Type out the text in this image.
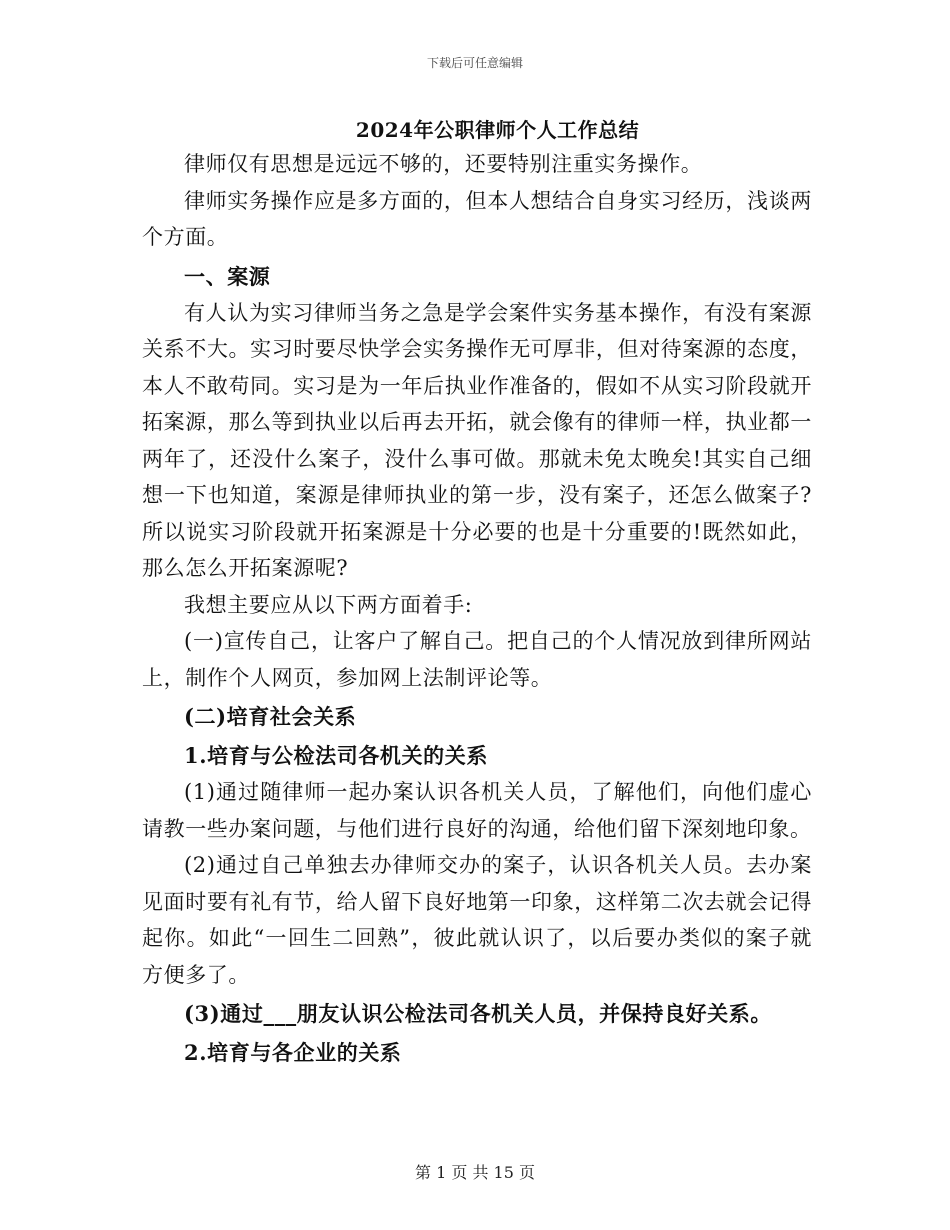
下载后可任意编辑
2024年公职律师个人工作总结

律师仅有思想是远远不够的，还要特别注重实务操作。

律师实务操作应是多方面的，但本人想结合自身实习经历，浅谈两个方面。

一、案源

有人认为实习律师当务之急是学会案件实务基本操作，有没有案源关系不大。实习时要尽快学会实务操作无可厚非，但对待案源的态度，本人不敢苟同。实习是为一年后执业作准备的，假如不从实习阶段就开拓案源，那么等到执业以后再去开拓，就会像有的律师一样，执业都一两年了，还没什么案子，没什么事可做。那就未免太晚矣!其实自己细想一下也知道，案源是律师执业的第一步，没有案子，还怎么做案子?所以说实习阶段就开拓案源是十分必要的也是十分重要的!既然如此，那么怎么开拓案源呢?

我想主要应从以下两方面着手:

(一)宣传自己，让客户了解自己。把自己的个人情况放到律所网站上，制作个人网页，参加网上法制评论等。

(二)培育社会关系

1.培育与公检法司各机关的关系

(1)通过随律师一起办案认识各机关人员，了解他们，向他们虚心请教一些办案问题，与他们进行良好的沟通，给他们留下深刻地印象。

(2)通过自己单独去办律师交办的案子，认识各机关人员。去办案见面时要有礼有节，给人留下良好地第一印象，这样第二次去就会记得起你。如此“一回生二回熟”，彼此就认识了，以后要办类似的案子就方便多了。

(3)通过___朋友认识公检法司各机关人员，并保持良好关系。

2.培育与各企业的关系

第 1 页 共 15 页
